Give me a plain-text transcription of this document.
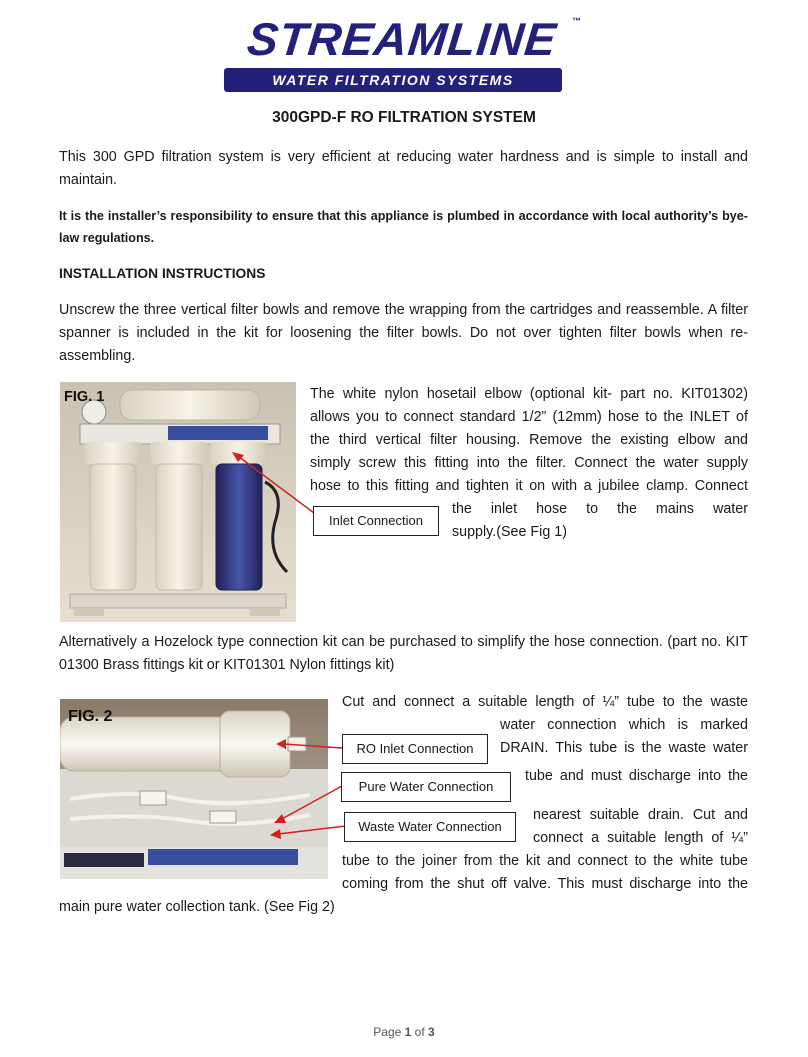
STREAMLINE	™
WATER FILTRATION SYSTEMS
300GPD-F RO FILTRATION SYSTEM
This 300 GPD filtration system is very efficient at reducing water hardness and is simple to install and maintain.
It is the installer’s responsibility to ensure that this appliance is plumbed in accordance with local authority’s bye-law regulations.
INSTALLATION INSTRUCTIONS
Unscrew the three vertical filter bowls and remove the wrapping from the cartridges and reassemble. A filter spanner is included in the kit for loosening the filter bowls. Do not over tighten filter bowls when re-assembling.
FIG. 1
Inlet Connection
The white nylon hosetail elbow (optional kit- part no. KIT01302)
allows you to connect standard 1/2” (12mm) hose to the INLET of
the third vertical filter housing. Remove the existing elbow and
simply screw this fitting into the filter. Connect the water supply
hose to this fitting and tighten it on with a jubilee clamp. Connect
the inlet hose to the mains water
supply.(See Fig 1)
Alternatively a Hozelock type connection kit can be purchased to simplify the hose connection. (part no. KIT 01300 Brass fittings kit or KIT01301 Nylon fittings kit)
FIG. 2
RO Inlet Connection
Pure Water Connection
Waste Water Connection
Cut and connect a suitable length of ¼” tube to the waste
water connection which is marked
DRAIN. This tube is the waste water
tube and must discharge into the
nearest suitable drain. Cut and
connect a suitable length of ¼”
tube to the joiner from the kit and connect to the white tube
coming from the shut off valve. This must discharge into the
main pure water collection tank. (See Fig 2)
Page 1 of 3
